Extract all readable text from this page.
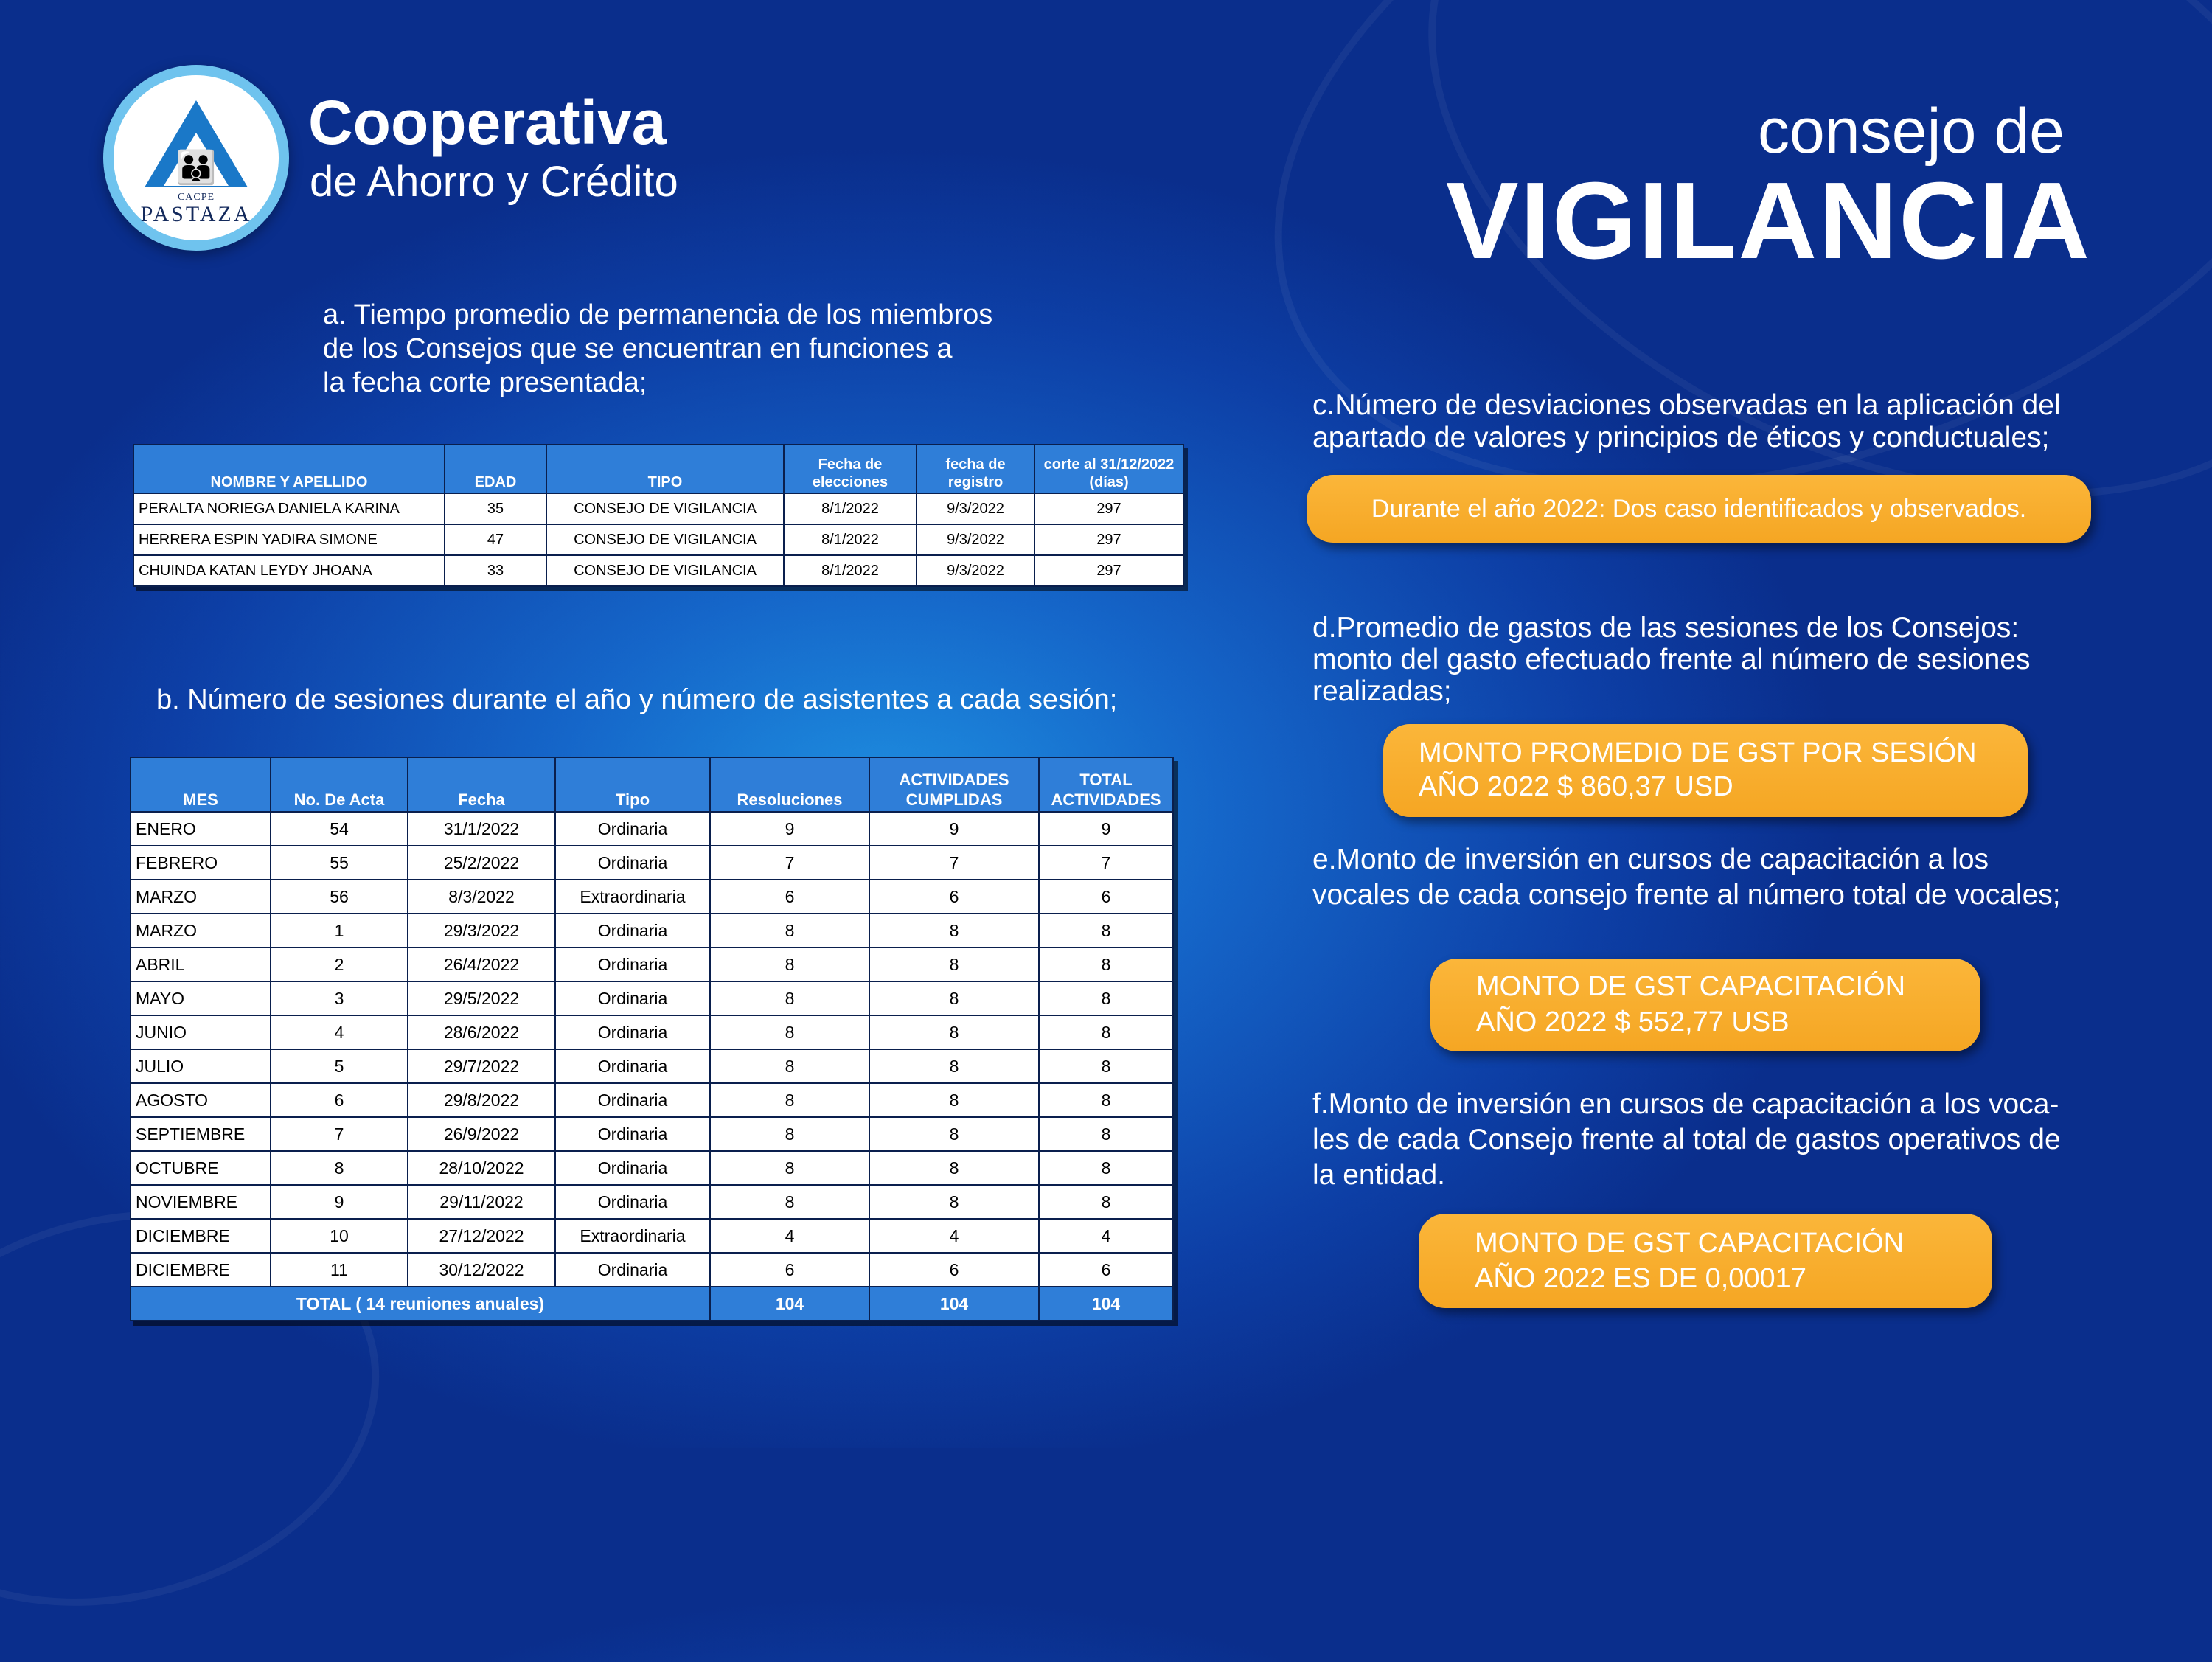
👪
CACPE
PASTAZA
Cooperativa
de Ahorro y Crédito
consejo de
VIGILANCIA
a. Tiempo promedio de permanencia de los miembros
de los Consejos que se encuentran en funciones a
la fecha corte presentada;
NOMBRE Y APELLIDO	EDAD	TIPO	Fecha de elecciones	fecha de registro	corte al 31/12/2022 (días)
PERALTA NORIEGA DANIELA KARINA	35	CONSEJO DE VIGILANCIA	8/1/2022	9/3/2022	297
HERRERA ESPIN YADIRA SIMONE	47	CONSEJO DE VIGILANCIA	8/1/2022	9/3/2022	297
CHUINDA KATAN LEYDY JHOANA	33	CONSEJO DE VIGILANCIA	8/1/2022	9/3/2022	297
b. Número de sesiones durante el año y número de asistentes a cada sesión;
MES	No. De Acta	Fecha	Tipo	Resoluciones	ACTIVIDADES CUMPLIDAS	TOTAL ACTIVIDADES
ENERO	54	31/1/2022	Ordinaria	9	9	9
FEBRERO	55	25/2/2022	Ordinaria	7	7	7
MARZO	56	8/3/2022	Extraordinaria	6	6	6
MARZO	1	29/3/2022	Ordinaria	8	8	8
ABRIL	2	26/4/2022	Ordinaria	8	8	8
MAYO	3	29/5/2022	Ordinaria	8	8	8
JUNIO	4	28/6/2022	Ordinaria	8	8	8
JULIO	5	29/7/2022	Ordinaria	8	8	8
AGOSTO	6	29/8/2022	Ordinaria	8	8	8
SEPTIEMBRE	7	26/9/2022	Ordinaria	8	8	8
OCTUBRE	8	28/10/2022	Ordinaria	8	8	8
NOVIEMBRE	9	29/11/2022	Ordinaria	8	8	8
DICIEMBRE	10	27/12/2022	Extraordinaria	4	4	4
DICIEMBRE	11	30/12/2022	Ordinaria	6	6	6
TOTAL ( 14 reuniones anuales)				104	104	104
c.Número de desviaciones observadas en la aplicación del
apartado de valores y principios de éticos y conductuales;
Durante el año 2022: Dos caso identificados y observados.
d.Promedio de gastos de las sesiones de los Consejos:
monto del gasto efectuado frente al número de sesiones
realizadas;
MONTO PROMEDIO DE GST POR SESIÓN
AÑO 2022 $ 860,37 USD
e.Monto de inversión en cursos de capacitación a los
vocales de cada consejo frente al número total de vocales;
MONTO DE GST CAPACITACIÓN
AÑO 2022 $ 552,77 USB
f.Monto de inversión en cursos de capacitación a los voca-
les de cada Consejo frente al total de gastos operativos de
la entidad.
MONTO DE GST CAPACITACIÓN
AÑO 2022 ES DE 0,00017
